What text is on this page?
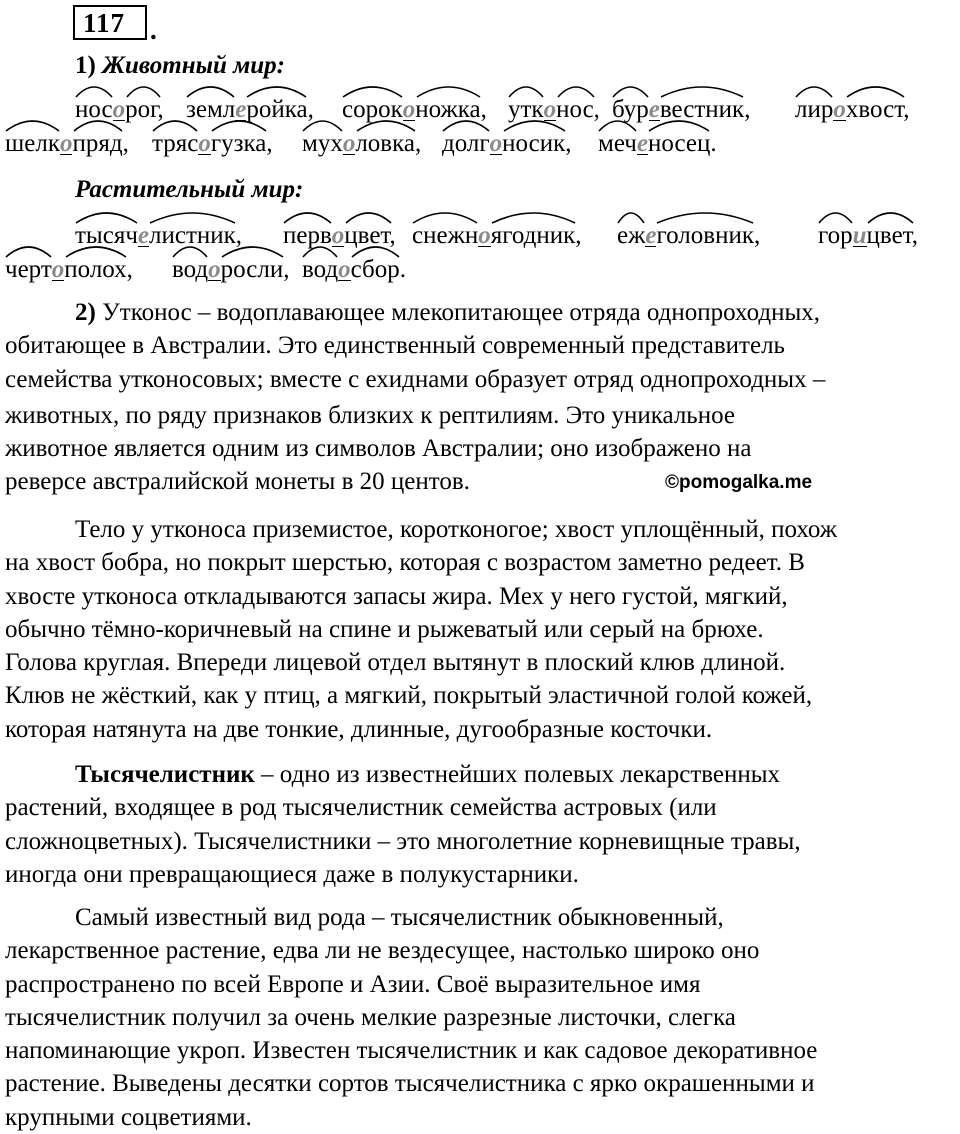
117 .
1) Животный мир:
носорог, землеройка, сороконожка, утконос, буревестник, лирохвост,
шелкопряд, трясогузка, мухоловка, долгоносик, меченосец.
Растительный мир:
тысячелистник, первоцвет, снежноягодник, ежеголовник, горицвет,
чертополох, водоросли, водосбор.

2) Утконос – водоплавающее млекопитающее отряда однопроходных,

обитающее в Австралии. Это единственный современный представитель

семейства утконосовых; вместе с ехиднами образует отряд однопроходных –

животных, по ряду признаков близких к рептилиям. Это уникальное

животное является одним из символов Австралии; оно изображено на

реверсе австралийской монеты в 20 центов.	©pomogalka.me

Тело у утконоса приземистое, коротконогое; хвост уплощённый, похож

на хвост бобра, но покрыт шерстью, которая с возрастом заметно редеет. В

хвосте утконоса откладываются запасы жира. Мех у него густой, мягкий,

обычно тёмно-коричневый на спине и рыжеватый или серый на брюхе.

Голова круглая. Впереди лицевой отдел вытянут в плоский клюв длиной.

Клюв не жёсткий, как у птиц, а мягкий, покрытый эластичной голой кожей,

которая натянута на две тонкие, длинные, дугообразные косточки.

Тысячелистник – одно из известнейших полевых лекарственных

растений, входящее в род тысячелистник семейства астровых (или

сложноцветных). Тысячелистники – это многолетние корневищные травы,

иногда они превращающиеся даже в полукустарники.

Самый известный вид рода – тысячелистник обыкновенный,

лекарственное растение, едва ли не вездесущее, настолько широко оно

распространено по всей Европе и Азии. Своё выразительное имя

тысячелистник получил за очень мелкие разрезные листочки, слегка

напоминающие укроп. Известен тысячелистник и как садовое декоративное

растение. Выведены десятки сортов тысячелистника с ярко окрашенными и

крупными соцветиями.
